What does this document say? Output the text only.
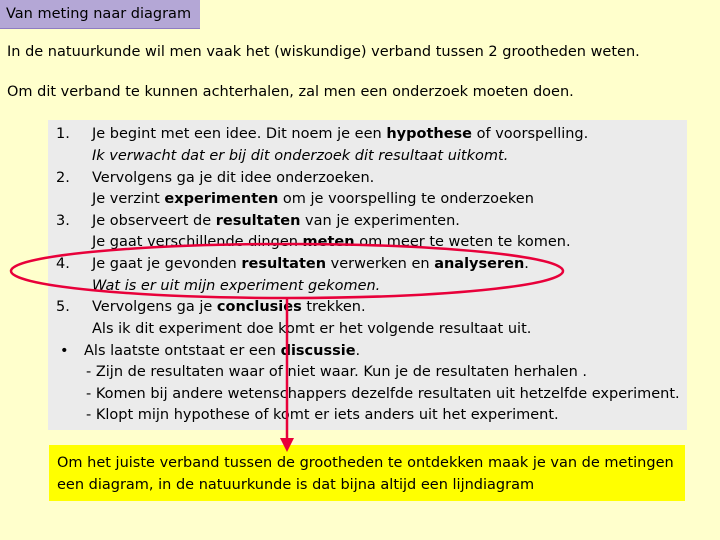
Van meting naar diagram
In de natuurkunde wil men vaak het (wiskundige) verband tussen 2 grootheden weten.
Om dit verband te kunnen achterhalen, zal men een onderzoek moeten doen.
1. Je begint met een idee. Dit noem je een hypothese of voorspelling.
Ik verwacht dat er bij dit onderzoek dit resultaat uitkomt.
2. Vervolgens ga je dit idee onderzoeken.
Je verzint experimenten om je voorspelling te onderzoeken
3. Je observeert de resultaten van je experimenten.
Je gaat verschillende dingen meten om meer te weten te komen.
4. Je gaat je gevonden resultaten verwerken en analyseren.
Wat is er uit mijn experiment gekomen.
5. Vervolgens ga je conclusies trekken.
Als ik dit experiment doe komt er het volgende resultaat uit.
• Als laatste ontstaat er een discussie.
- Zijn de resultaten waar of niet waar. Kun je de resultaten herhalen .
- Komen bij andere wetenschappers dezelfde resultaten uit hetzelfde experiment.
- Klopt mijn hypothese of komt er iets anders uit het experiment.
Om het juiste verband tussen de grootheden te ontdekken maak je van de metingen een diagram, in de natuurkunde is dat bijna altijd een lijndiagram
